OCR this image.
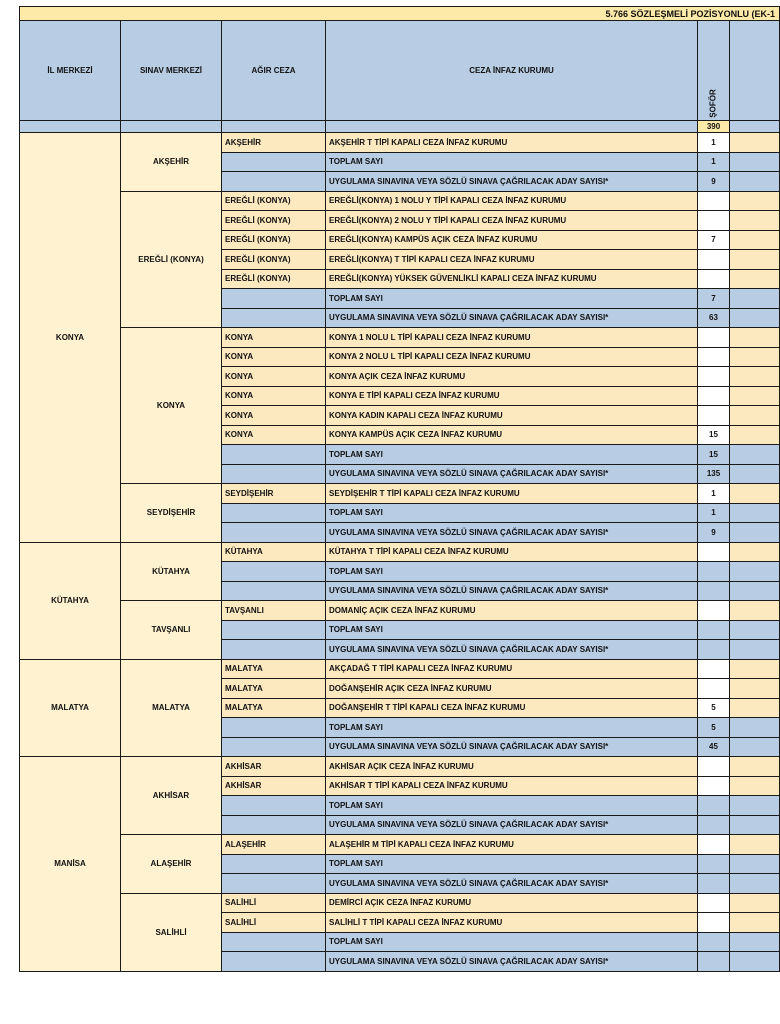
5.766 SÖZLEŞMELİ POZİSYONLU (EK-1					
İL MERKEZİ	SINAV MERKEZİ	AĞIR CEZA	CEZA İNFAZ KURUMU	ŞOFÖR	
				390	
KONYA	AKŞEHİR	AKŞEHİR	AKŞEHİR T TİPİ KAPALI CEZA İNFAZ KURUMU	1	
			TOPLAM SAYI	1	
			UYGULAMA SINAVINA VEYA SÖZLÜ SINAVA ÇAĞRILACAK ADAY SAYISI*	9	
	EREĞLİ (KONYA)	EREĞLİ (KONYA)	EREĞLİ(KONYA) 1 NOLU Y TİPİ KAPALI CEZA İNFAZ KURUMU		
		EREĞLİ (KONYA)	EREĞLİ(KONYA) 2 NOLU Y TİPİ KAPALI CEZA İNFAZ KURUMU		
		EREĞLİ (KONYA)	EREĞLİ(KONYA) KAMPÜS AÇIK CEZA İNFAZ KURUMU	7	
		EREĞLİ (KONYA)	EREĞLİ(KONYA) T TİPİ KAPALI CEZA İNFAZ KURUMU		
		EREĞLİ (KONYA)	EREĞLİ(KONYA) YÜKSEK GÜVENLİKLİ KAPALI CEZA İNFAZ KURUMU		
			TOPLAM SAYI	7	
			UYGULAMA SINAVINA VEYA SÖZLÜ SINAVA ÇAĞRILACAK ADAY SAYISI*	63	
	KONYA	KONYA	KONYA 1 NOLU L TİPİ KAPALI CEZA İNFAZ KURUMU		
		KONYA	KONYA 2 NOLU L TİPİ KAPALI CEZA İNFAZ KURUMU		
		KONYA	KONYA AÇIK CEZA İNFAZ KURUMU		
		KONYA	KONYA E TİPİ KAPALI CEZA İNFAZ KURUMU		
		KONYA	KONYA KADIN KAPALI CEZA İNFAZ KURUMU		
		KONYA	KONYA KAMPÜS AÇIK CEZA İNFAZ KURUMU	15	
			TOPLAM SAYI	15	
			UYGULAMA SINAVINA VEYA SÖZLÜ SINAVA ÇAĞRILACAK ADAY SAYISI*	135	
	SEYDİŞEHİR	SEYDİŞEHİR	SEYDİŞEHİR T TİPİ KAPALI CEZA İNFAZ KURUMU	1	
			TOPLAM SAYI	1	
			UYGULAMA SINAVINA VEYA SÖZLÜ SINAVA ÇAĞRILACAK ADAY SAYISI*	9	
KÜTAHYA	KÜTAHYA	KÜTAHYA	KÜTAHYA T TİPİ KAPALI CEZA İNFAZ KURUMU		
			TOPLAM SAYI		
			UYGULAMA SINAVINA VEYA SÖZLÜ SINAVA ÇAĞRILACAK ADAY SAYISI*		
	TAVŞANLI	TAVŞANLI	DOMANİÇ AÇIK CEZA İNFAZ KURUMU		
			TOPLAM SAYI		
			UYGULAMA SINAVINA VEYA SÖZLÜ SINAVA ÇAĞRILACAK ADAY SAYISI*		
MALATYA	MALATYA	MALATYA	AKÇADAĞ T TİPİ KAPALI CEZA İNFAZ KURUMU		
		MALATYA	DOĞANŞEHİR AÇIK CEZA İNFAZ KURUMU		
		MALATYA	DOĞANŞEHİR T TİPİ KAPALI CEZA İNFAZ KURUMU	5	
			TOPLAM SAYI	5	
			UYGULAMA SINAVINA VEYA SÖZLÜ SINAVA ÇAĞRILACAK ADAY SAYISI*	45	
MANİSA	AKHİSAR	AKHİSAR	AKHİSAR AÇIK CEZA İNFAZ KURUMU		
		AKHİSAR	AKHİSAR T TİPİ KAPALI CEZA İNFAZ KURUMU		
			TOPLAM SAYI		
			UYGULAMA SINAVINA VEYA SÖZLÜ SINAVA ÇAĞRILACAK ADAY SAYISI*		
	ALAŞEHİR	ALAŞEHİR	ALAŞEHİR M TİPİ KAPALI CEZA İNFAZ KURUMU		
			TOPLAM SAYI		
			UYGULAMA SINAVINA VEYA SÖZLÜ SINAVA ÇAĞRILACAK ADAY SAYISI*		
	SALİHLİ	SALİHLİ	DEMİRCİ AÇIK CEZA İNFAZ KURUMU		
		SALİHLİ	SALİHLİ T TİPİ KAPALI CEZA İNFAZ KURUMU		
			TOPLAM SAYI		
			UYGULAMA SINAVINA VEYA SÖZLÜ SINAVA ÇAĞRILACAK ADAY SAYISI*		
